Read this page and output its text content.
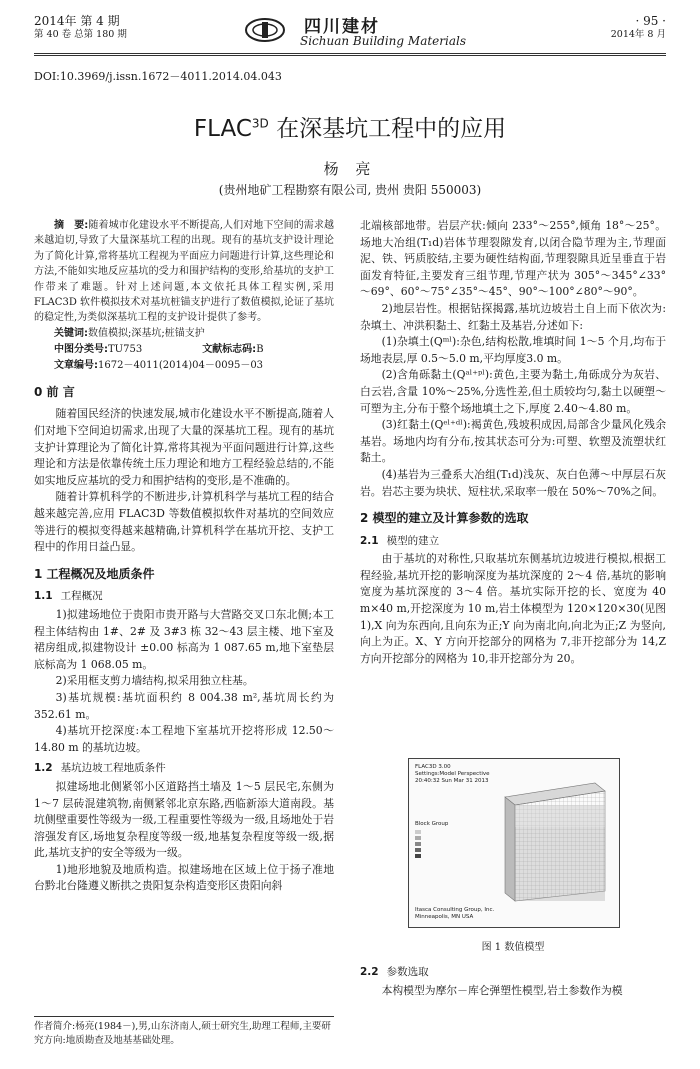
2014年 第 4 期
第 40 卷 总第 180 期	四川建材
Sichuan Building Materials
· 95 ·
2014年 8 月
DOI:10.3969/j.issn.1672－4011.2014.04.043
$FLAC^{3D}$ 在深基坑工程中的应用
杨 亮
(贵州地矿工程勘察有限公司, 贵州 贵阳 550003)

摘　要:随着城市化建设水平不断提高,人们对地下空间的需求越来越迫切,导致了大量深基坑工程的出现。现有的基坑支护设计理论为了简化计算,常将基坑工程视为平面应力问题进行计算,这些理论和方法,不能如实地反应基坑的受力和围护结构的变形,给基坑的支护工作带来了难题。针对上述问题,本文依托具体工程实例,采用 FLAC3D 软件模拟技术对基坑桩锚支护进行了数值模拟,论证了基坑的稳定性,为类似深基坑工程的支护设计提供了参考。

关键词:数值模拟;深基坑;桩锚支护

中图分类号:TU753	文献标志码:B

文章编号:1672－4011(2014)04－0095－03

0 前 言

随着国民经济的快速发展,城市化建设水平不断提高,随着人们对地下空间迫切需求,出现了大量的深基坑工程。现有的基坑支护计算理论为了简化计算,常将其视为平面问题进行计算,这些理论和方法是依靠传统土压力理论和地方工程经验总结的,不能如实地反应基坑的受力和围护结构的变形,是不准确的。

随着计算机科学的不断进步,计算机科学与基坑工程的结合越来越完善,应用 FLAC3D 等数值模拟软件对基坑的空间效应等进行的模拟变得越来越精确,计算机科学在基坑开挖、支护工程中的作用日益凸显。

1 工程概况及地质条件
1.1 工程概况

1)拟建场地位于贵阳市贵开路与大营路交叉口东北侧;本工程主体结构由 1#、2# 及 3#3 栋 32～43 层主楼、地下室及裙房组成,拟建物设计 ±0.00 标高为 1 087.65 m,地下室垫层底标高为 1 068.05 m。

2)采用框支剪力墙结构,拟采用独立柱基。

3)基坑规模:基坑面积约 8 004.38 m²,基坑周长约为 352.61 m。

4)基坑开挖深度:本工程地下室基坑开挖将形成 12.50～14.80 m 的基坑边坡。

1.2 基坑边坡工程地质条件

拟建场地北侧紧邻小区道路挡土墙及 1～5 层民宅,东侧为 1～7 层砖混建筑物,南侧紧邻北京东路,西临新添大道南段。基坑侧壁重要性等级为一级,工程重要性等级为一级,且场地处于岩溶强发育区,场地复杂程度等级一级,地基复杂程度等级一级,据此,基坑支护的安全等级为一级。

1)地形地貌及地质构造。拟建场地在区域上位于扬子准地台黔北台隆遵义断拱之贵阳复杂构造变形区贵阳向斜

北端核部地带。岩层产状:倾向 233°～255°,倾角 18°～25°。场地大冶组(T₁d)岩体节理裂隙发育,以闭合隐节理为主,节理面泥、铁、钙质胶结,主要为硬性结构面,节理裂隙具近呈垂直于岩面发育特征,主要发育三组节理,节理产状为 305°～345°∠33°～69°、60°～75°∠35°～45°、90°～100°∠80°～90°。

2)地层岩性。根据钻探揭露,基坑边坡岩土自上而下依次为:杂填土、冲洪积黏土、红黏土及基岩,分述如下:

(1)杂填土(Qᵐˡ):杂色,结构松散,堆填时间 1～5 个月,均布于场地表层,厚 0.5～5.0 m,平均厚度3.0 m。

(2)含角砾黏土(Qᵃˡ⁺ᵖˡ):黄色,主要为黏土,角砾成分为灰岩、白云岩,含量 10%～25%,分选性差,但土质较均匀,黏土以硬塑～可塑为主,分布于整个场地填土之下,厚度 2.40～4.80 m。

(3)红黏土(Qᵉˡ⁺ᵈˡ):褐黄色,残坡积成因,局部含少量风化残余基岩。场地内均有分布,按其状态可分为:可塑、软塑及流塑状红黏土。

(4)基岩为三叠系大冶组(T₁d)浅灰、灰白色薄～中厚层石灰岩。岩芯主要为块状、短柱状,采取率一般在 50%～70%之间。

2 模型的建立及计算参数的选取
2.1 模型的建立

由于基坑的对称性,只取基坑东侧基坑边坡进行模拟,根据工程经验,基坑开挖的影响深度为基坑深度的 2～4 倍,基坑的影响宽度为基坑深度的 3～4 倍。基坑实际开挖的长、宽度为 40 m×40 m,开挖深度为 10 m,岩土体模型为 120×120×30(见图 1),X 向为东西向,且向东为正;Y 向为南北向,向北为正;Z 为竖向,向上为正。X、Y 方向开挖部分的网格为 7,非开挖部分为 14,Z 方向开挖部分的网格为 10,非开挖部分为 20。

FLAC3D 3.00
Settings:Model Perspective
20:40:32 Sun Mar 31 2013
Block Group
Itasca Consulting Group, Inc. Minneapolis, MN USA
图 1 数值模型
2.2 参数选取

本构模型为摩尔－库仑弹塑性模型,岩土参数作为模

作者简介:杨亮(1984－),男,山东济南人,硕士研究生,助理工程师,主要研究方向:地质勘查及地基基础处理。
